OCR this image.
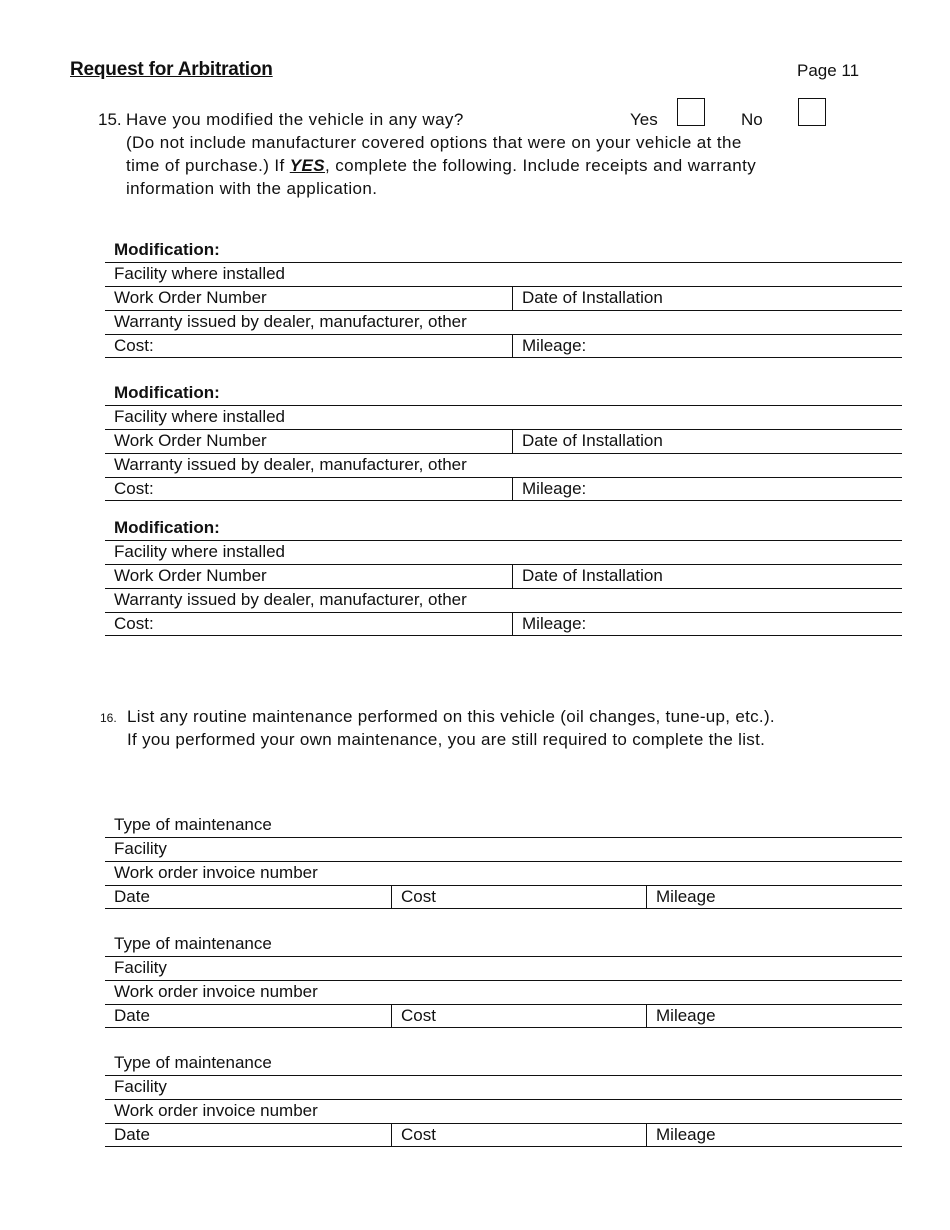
Request for Arbitration	Page 11
15. Have you modified the vehicle in any way?	Yes	No
(Do not include manufacturer covered options that were on your vehicle at the
time of purchase.) If YES, complete the following. Include receipts and warranty
information with the application.
Modification:
Facility where installed
Work Order Number	Date of Installation
Warranty issued by dealer, manufacturer, other
Cost:	Mileage:
Modification:
Facility where installed
Work Order Number	Date of Installation
Warranty issued by dealer, manufacturer, other
Cost:	Mileage:
Modification:
Facility where installed
Work Order Number	Date of Installation
Warranty issued by dealer, manufacturer, other
Cost:	Mileage:
16. List any routine maintenance performed on this vehicle (oil changes, tune-up, etc.).
If you performed your own maintenance, you are still required to complete the list.
Type of maintenance
Facility
Work order invoice number
Date	Cost	Mileage
Type of maintenance
Facility
Work order invoice number
Date	Cost	Mileage
Type of maintenance
Facility
Work order invoice number
Date	Cost	Mileage
